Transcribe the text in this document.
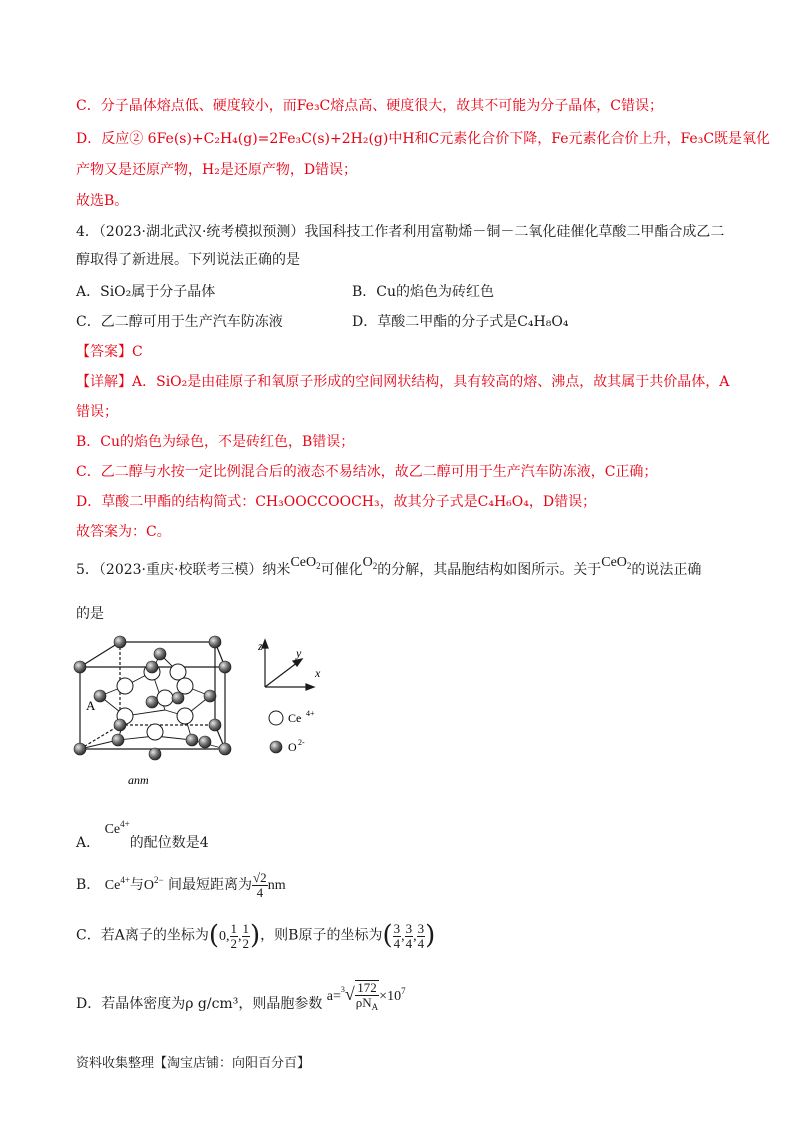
C．分子晶体熔点低、硬度较小，而Fe₃C熔点高、硬度很大，故其不可能为分子晶体，C错误；
D．反应② 6Fe(s)+C₂H₄(g)=2Fe₃C(s)+2H₂(g)中H和C元素化合价下降，Fe元素化合价上升，Fe₃C既是氧化
产物又是还原产物，H₂是还原产物，D错误；
故选B。
4．（2023·湖北武汉·统考模拟预测）我国科技工作者利用富勒烯－铜－二氧化硅催化草酸二甲酯合成乙二
醇取得了新进展。下列说法正确的是
A．SiO₂属于分子晶体	B．Cu的焰色为砖红色
C．乙二醇可用于生产汽车防冻液	D．草酸二甲酯的分子式是C₄H₈O₄
【答案】C
【详解】A．SiO₂是由硅原子和氧原子形成的空间网状结构，具有较高的熔、沸点，故其属于共价晶体，A
错误；
B．Cu的焰色为绿色，不是砖红色，B错误；
C．乙二醇与水按一定比例混合后的液态不易结冰，故乙二醇可用于生产汽车防冻液，C正确；
D．草酸二甲酯的结构简式：CH₃OOCCOOCH₃，故其分子式是C₄H₆O₄，D错误；
故答案为：C。
5．（2023·重庆·校联考三模）纳米CeO$_2$可催化$O_2$的分解，其晶胞结构如图所示。关于CeO$_2$的说法正确
的是
A
anm
z	y
x
Ce 4+
O 2-
A． $Ce^{4+}$的配位数是4
B． $Ce^{4+}$与$O^{2-}$ 间最短距离为 $\frac{√2}{4}$ nm
C．若A离子的坐标为(0, $\frac{1}{2}$ , $\frac{1}{2}$ )，则B原子的坐标为( $\frac{3}{4}$ , $\frac{3}{4}$ , $\frac{3}{4}$ )
D．若晶体密度为ρ g/cm³，则晶胞参数 $a=^3√ \frac{172}{\rho N_A} \times 10^7$
资料收集整理【淘宝店铺：向阳百分百】
